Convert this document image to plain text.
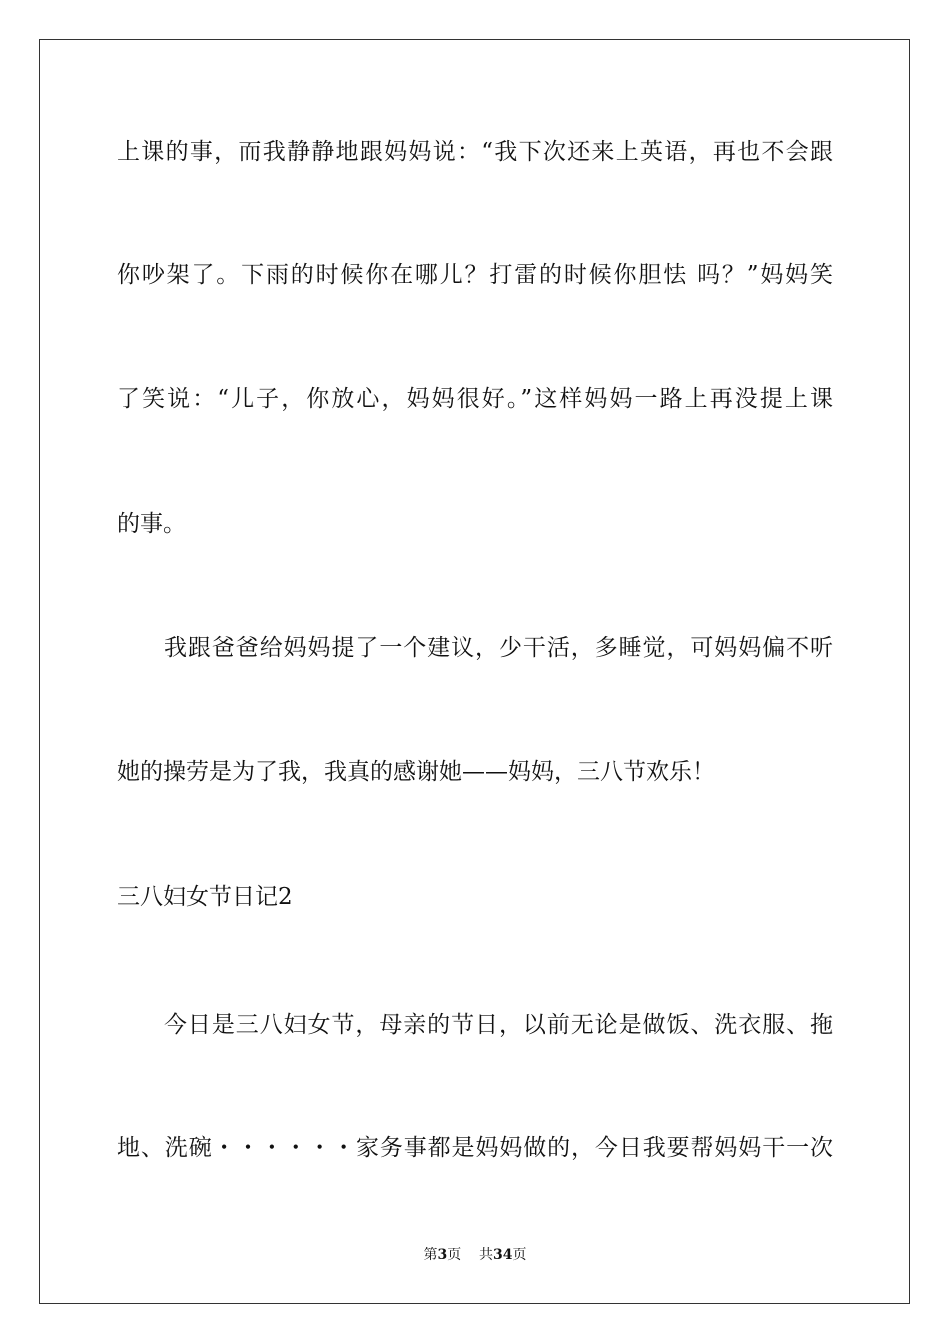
上课的事，而我静静地跟妈妈说：“我下次还来上英语，再也不会跟
你吵架了。下雨的时候你在哪儿？打雷的时候你胆怯 吗？”妈妈笑
了笑说：“儿子，你放心，妈妈很好。”这样妈妈一路上再没提上课
的事。
我跟爸爸给妈妈提了一个建议，少干活，多睡觉，可妈妈偏不听
她的操劳是为了我，我真的感谢她——妈妈，三八节欢乐！
三八妇女节日记2
今日是三八妇女节，母亲的节日，以前无论是做饭、洗衣服、拖
地、洗碗・・・・・・家务事都是妈妈做的，今日我要帮妈妈干一次
第3页 共34页
